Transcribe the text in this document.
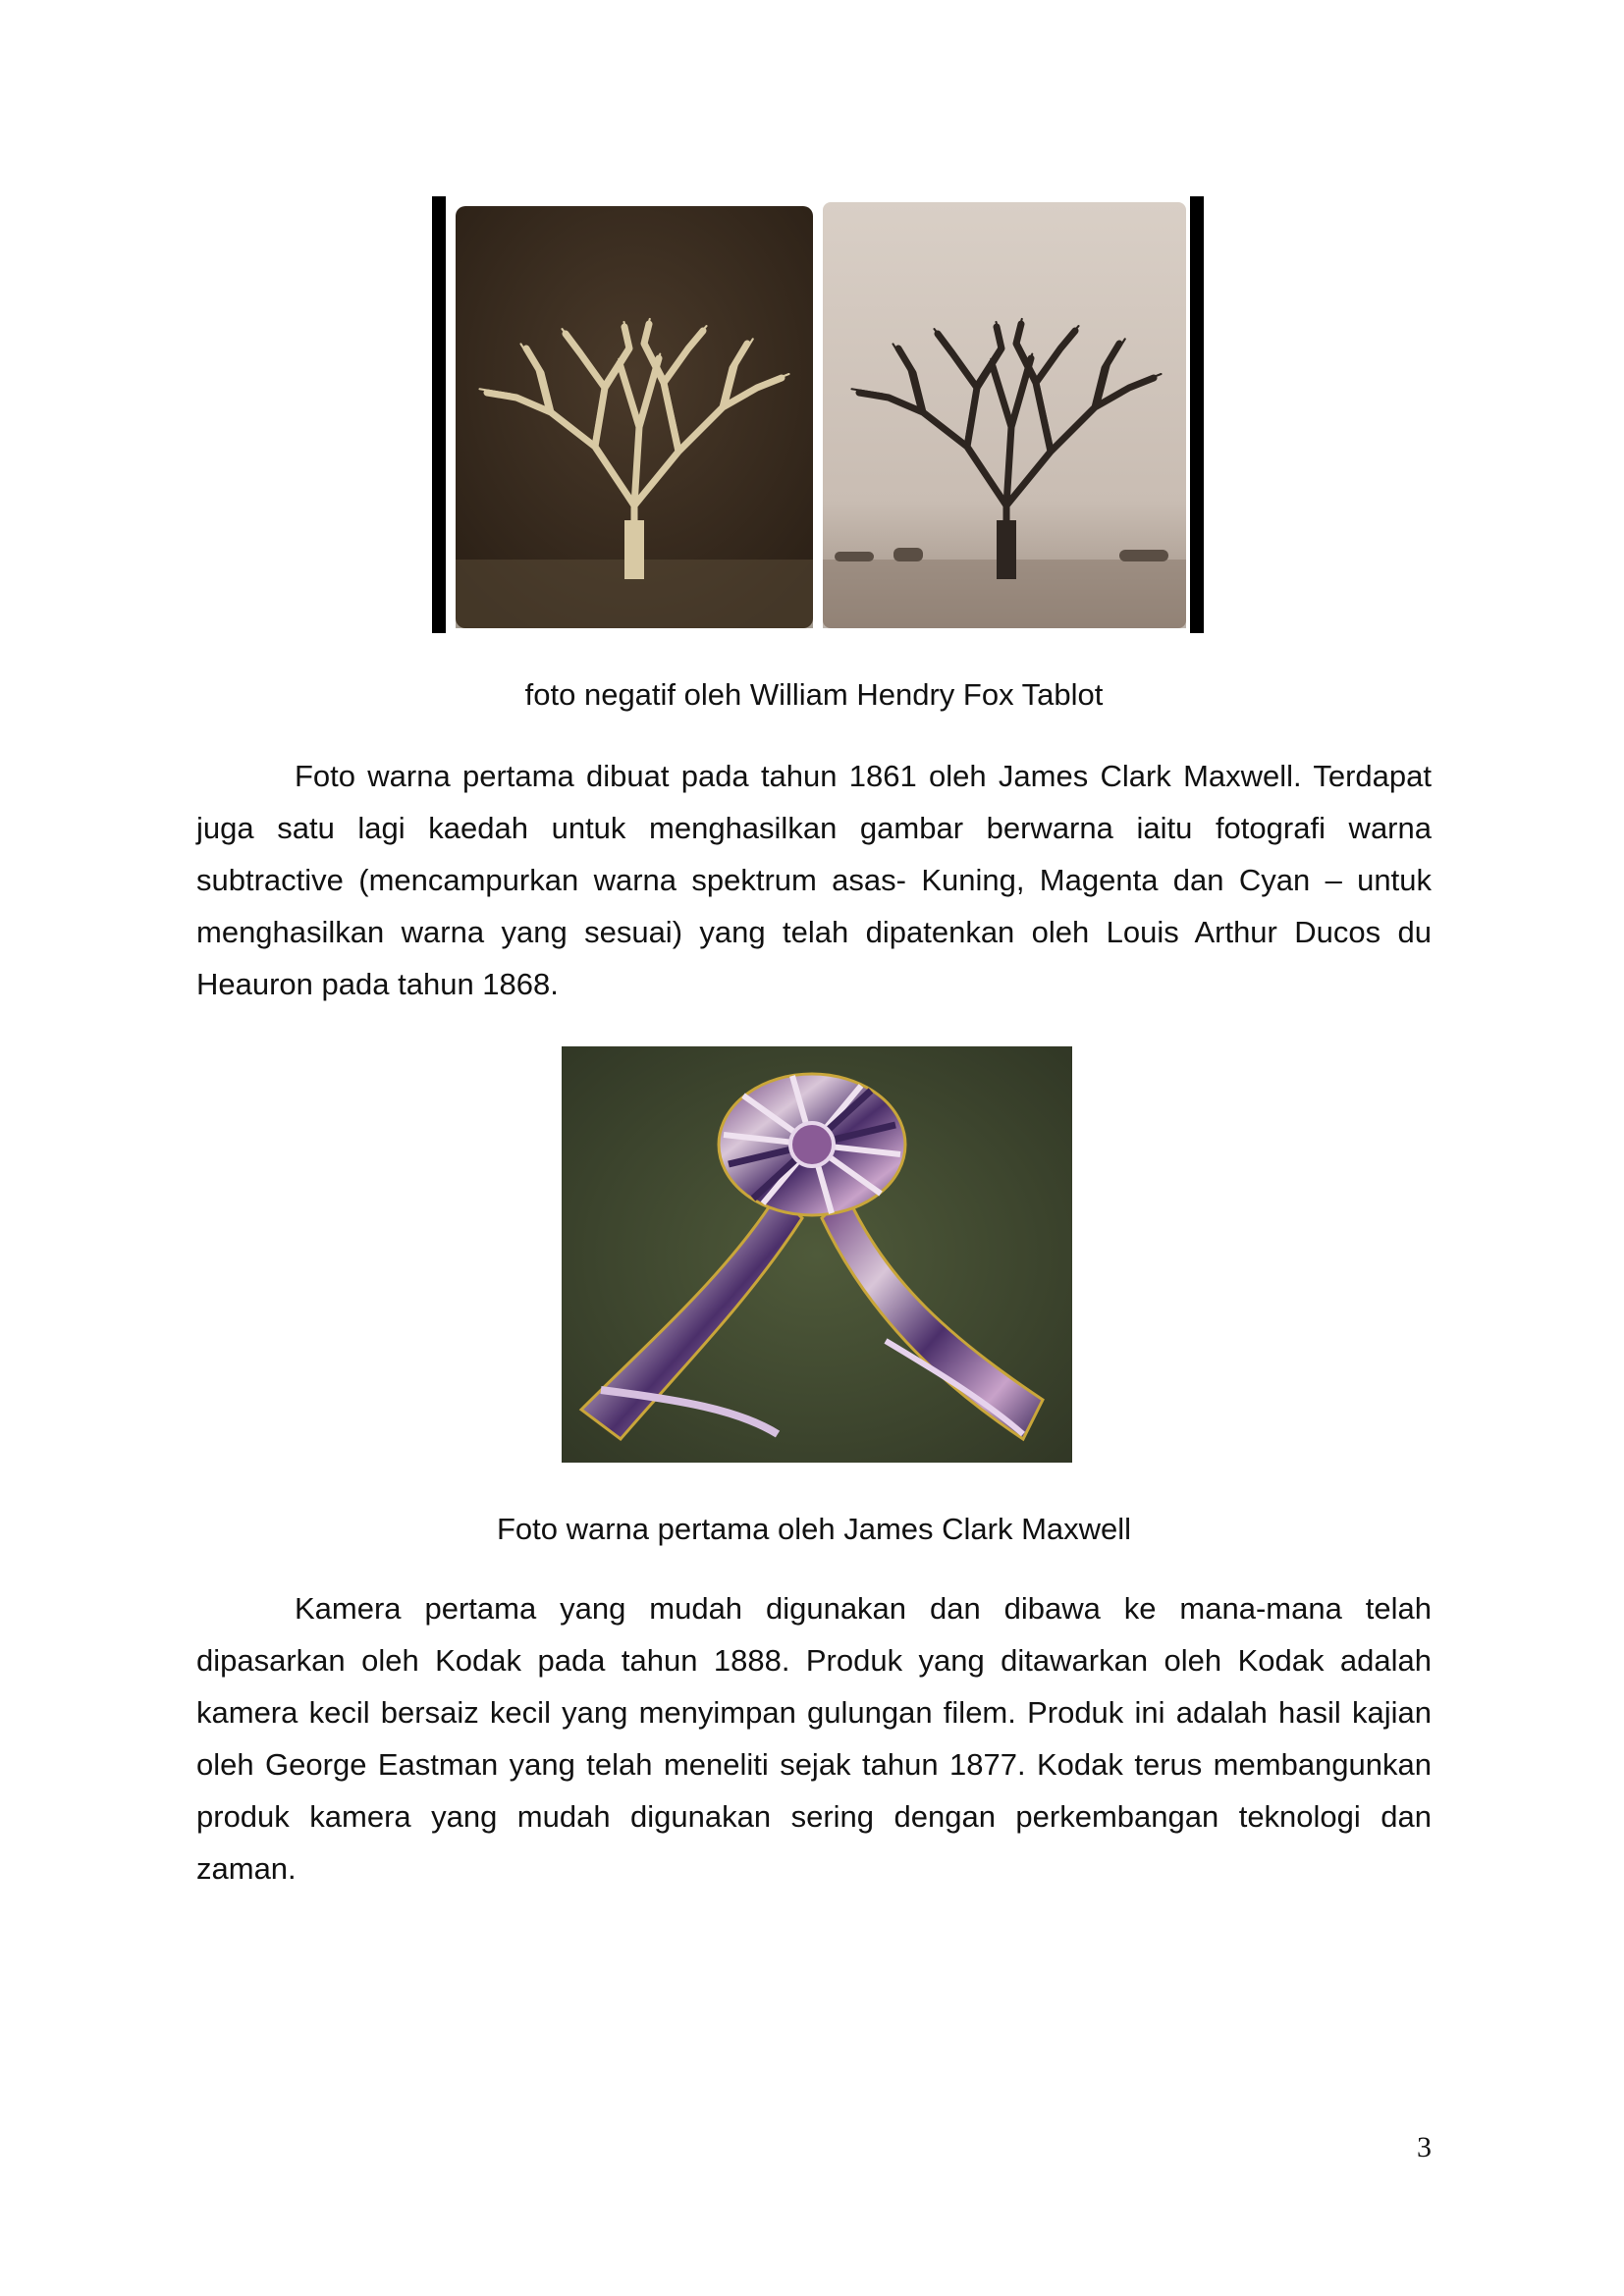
foto negatif oleh William Hendry Fox Tablot

Foto warna pertama dibuat pada tahun 1861 oleh James Clark Maxwell. Terdapat juga satu lagi kaedah untuk menghasilkan gambar berwarna iaitu fotografi warna subtractive (mencampurkan warna spektrum asas- Kuning, Magenta dan Cyan – untuk menghasilkan warna yang sesuai) yang telah dipatenkan oleh Louis Arthur Ducos du Heauron pada tahun 1868.

Foto warna pertama oleh James Clark Maxwell

Kamera pertama yang mudah digunakan dan dibawa ke mana-mana telah dipasarkan oleh Kodak pada tahun 1888. Produk yang ditawarkan oleh Kodak adalah kamera kecil bersaiz kecil yang menyimpan gulungan filem. Produk ini adalah hasil kajian oleh George Eastman yang telah meneliti sejak tahun 1877. Kodak terus membangunkan produk kamera yang mudah digunakan sering dengan perkembangan teknologi dan zaman.

3
